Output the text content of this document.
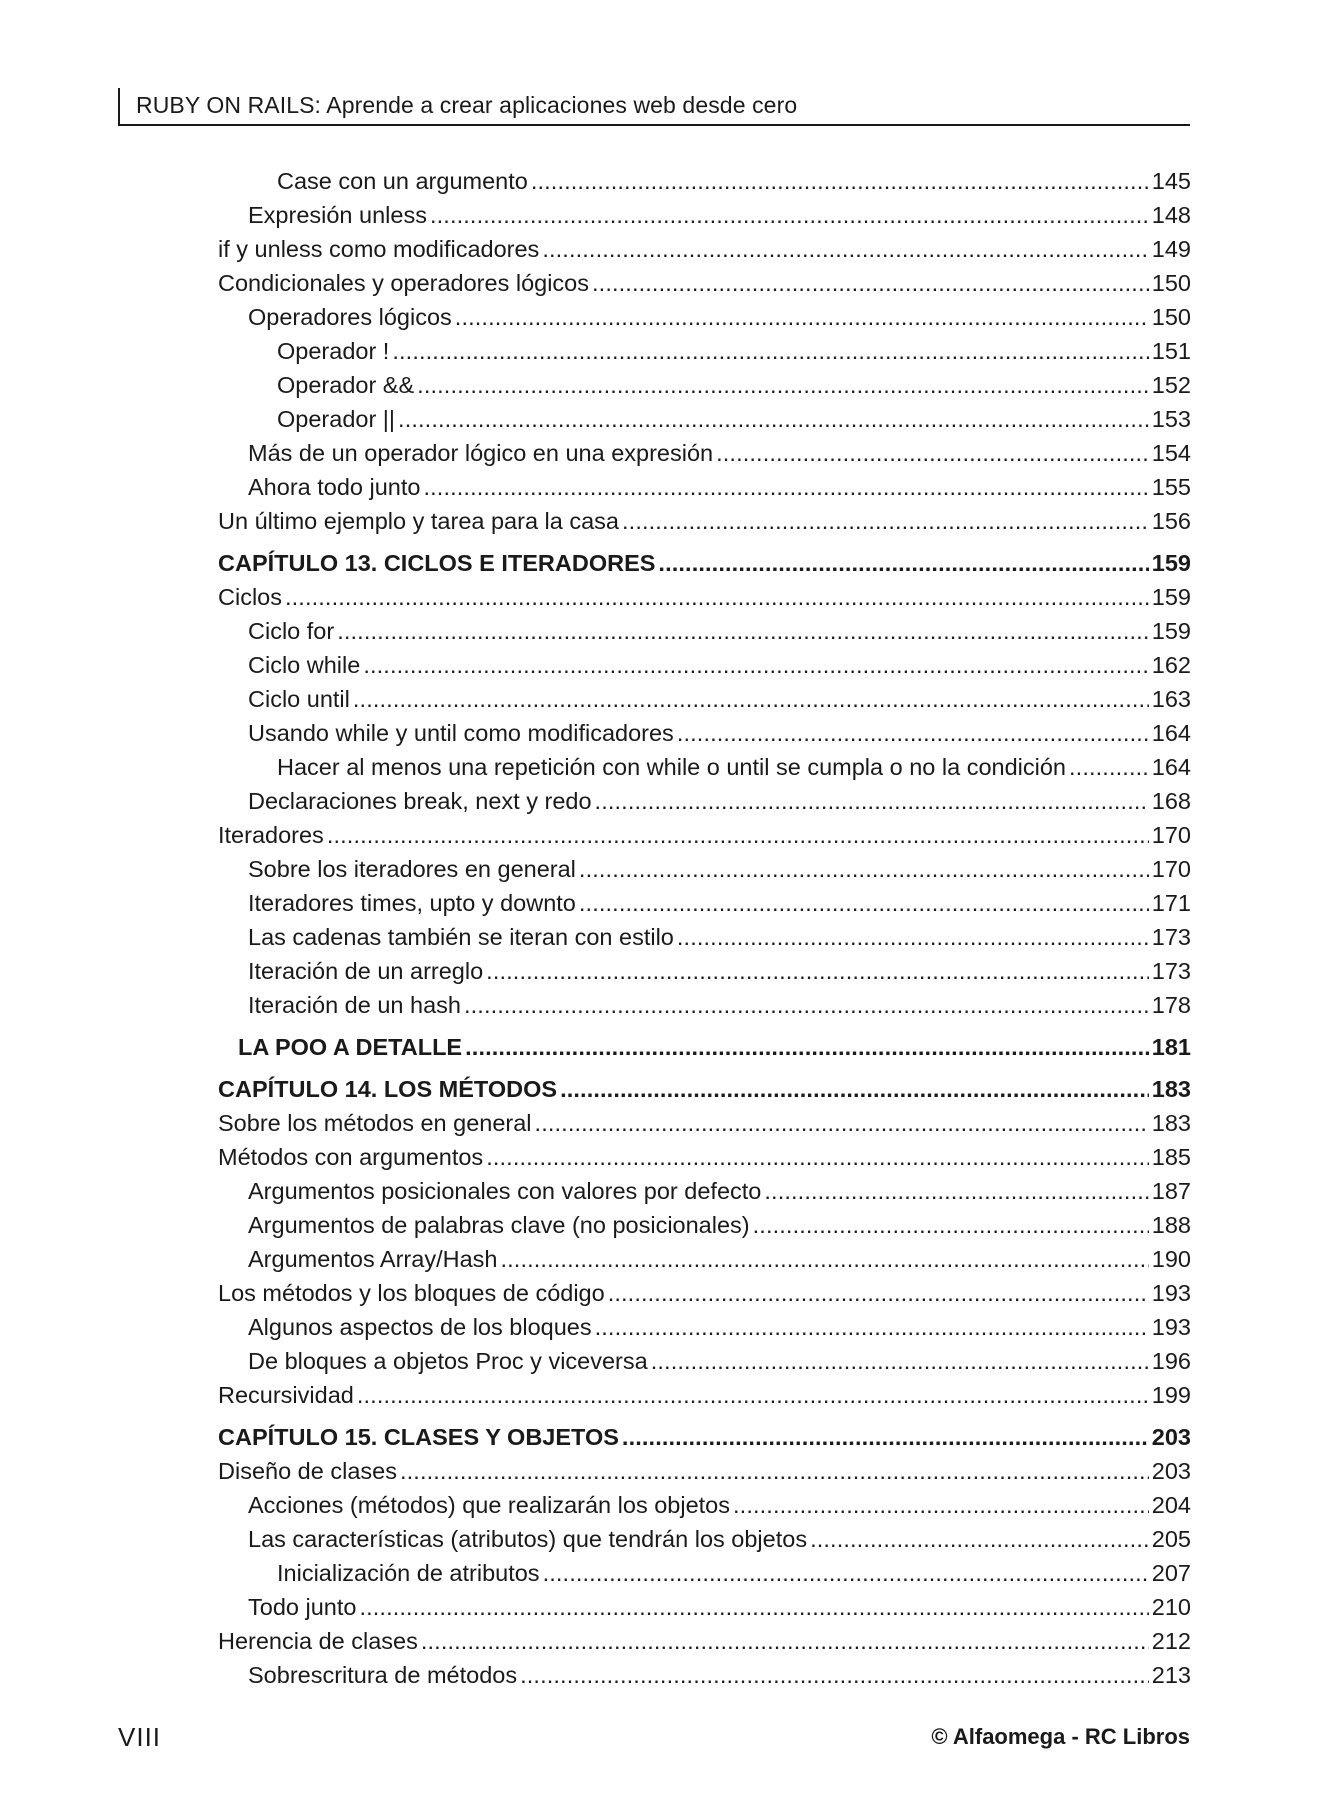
RUBY ON RAILS: Aprende a crear aplicaciones web desde cero
Case con un argumento . . .	145
Expresión unless . . .	148
if y unless como modificadores . . .	149
Condicionales y operadores lógicos . . .	150
Operadores lógicos . . .	150
Operador ! . . .	151
Operador && . . .	152
Operador || . . .	153
Más de un operador lógico en una expresión . . .	154
Ahora todo junto . . .	155
Un último ejemplo y tarea para la casa . . .	156
CAPÍTULO 13. CICLOS E ITERADORES . . .	159
Ciclos . . .	159
Ciclo for . . .	159
Ciclo while . . .	162
Ciclo until . . .	163
Usando while y until como modificadores . . .	164
Hacer al menos una repetición con while o until se cumpla o no la condición . . .	164
Declaraciones break, next y redo . . .	168
Iteradores . . .	170
Sobre los iteradores en general . . .	170
Iteradores times, upto y downto . . .	171
Las cadenas también se iteran con estilo . . .	173
Iteración de un arreglo . . .	173
Iteración de un hash . . .	178
LA POO A DETALLE . . .	181
CAPÍTULO 14. LOS MÉTODOS . . .	183
Sobre los métodos en general . . .	183
Métodos con argumentos . . .	185
Argumentos posicionales con valores por defecto . . .	187
Argumentos de palabras clave (no posicionales) . . .	188
Argumentos Array/Hash . . .	190
Los métodos y los bloques de código . . .	193
Algunos aspectos de los bloques . . .	193
De bloques a objetos Proc y viceversa . . .	196
Recursividad . . .	199
CAPÍTULO 15. CLASES Y OBJETOS . . .	203
Diseño de clases . . .	203
Acciones (métodos) que realizarán los objetos . . .	204
Las características (atributos) que tendrán los objetos . . .	205
Inicialización de atributos . . .	207
Todo junto . . .	210
Herencia de clases . . .	212
Sobrescritura de métodos . . .	213
VIII	© Alfaomega - RC Libros
